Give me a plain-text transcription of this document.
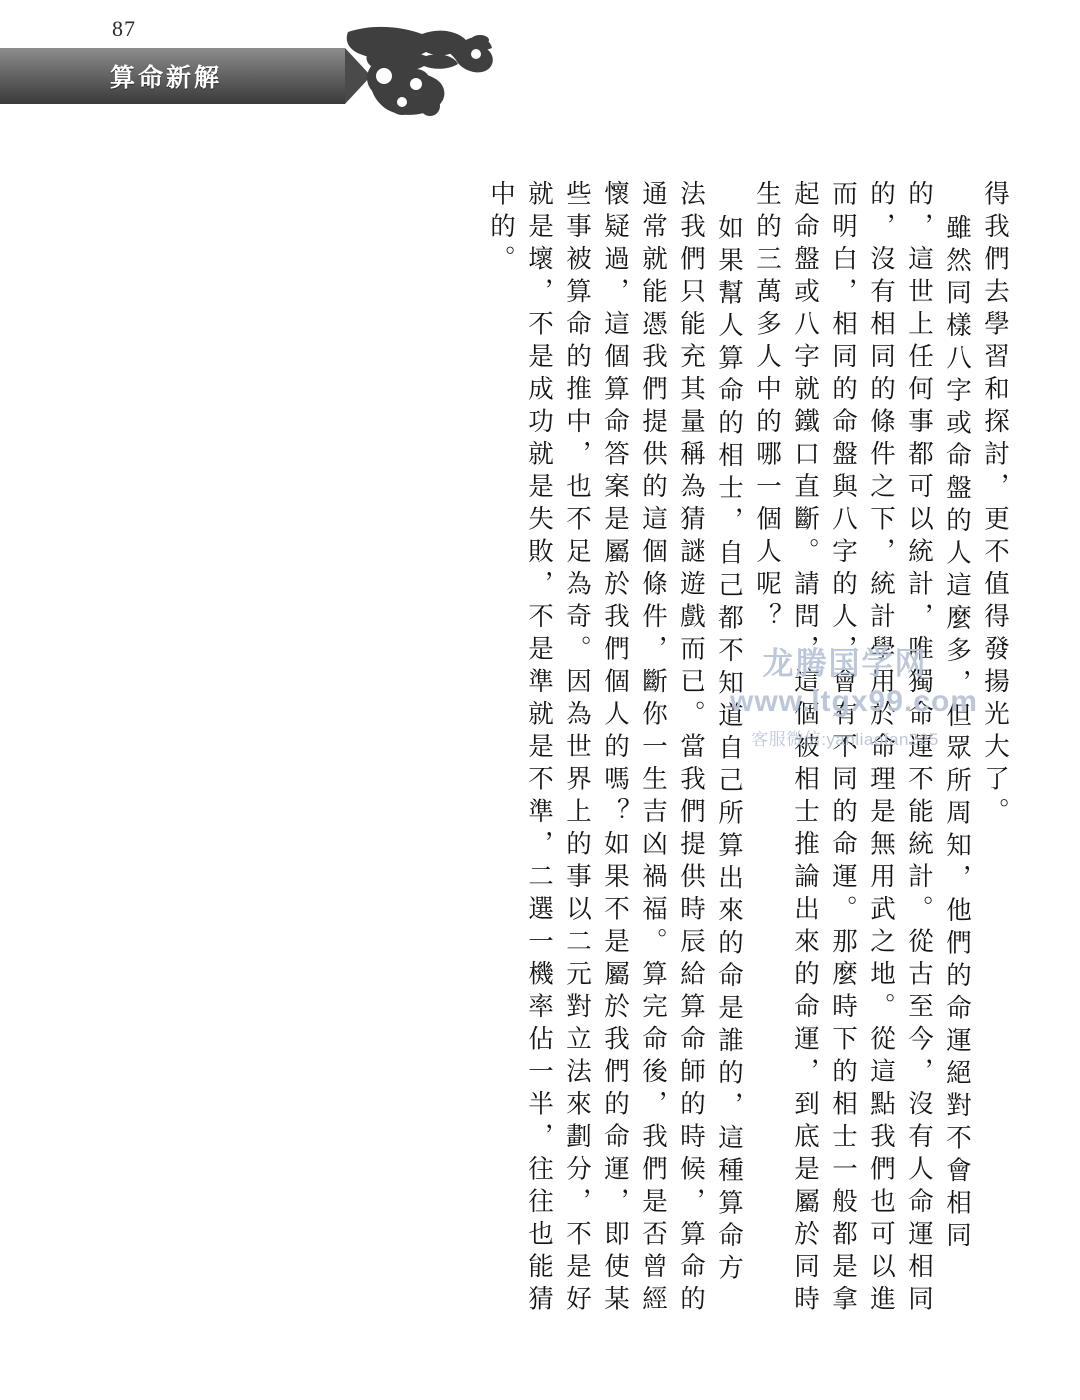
87
算命新解
得我們去學習和探討，更不值得發揚光大了。
雖然同樣八字或命盤的人這麼多，但眾所周知，他們的命運絕對不會相同
的，這世上任何事都可以統計，唯獨命運不能統計。從古至今，沒有人命運相同
的，沒有相同的條件之下，統計學用於命理是無用武之地。從這點我們也可以進
而明白，相同的命盤與八字的人，會有不同的命運。那麼時下的相士一般都是拿
起命盤或八字就鐵口直斷。請問，這個被相士推論出來的命運，到底是屬於同時
生的三萬多人中的哪一個人呢？
如果幫人算命的相士，自己都不知道自己所算出來的命是誰的，這種算命方
法我們只能充其量稱為猜謎遊戲而已。當我們提供時辰給算命師的時候，算命的
通常就能憑我們提供的這個條件，斷你一生吉凶禍福。算完命後，我們是否曾經
懷疑過，這個算命答案是屬於我們個人的嗎？如果不是屬於我們的命運，即使某
些事被算命的推中，也不足為奇。因為世界上的事以二元對立法來劃分，不是好
就是壞，不是成功就是失敗，不是準就是不準，二選一機率佔一半，往往也能猜
中的。
龙腾国学网
www.ltgx99.com
客服微信:yanliaofan225
